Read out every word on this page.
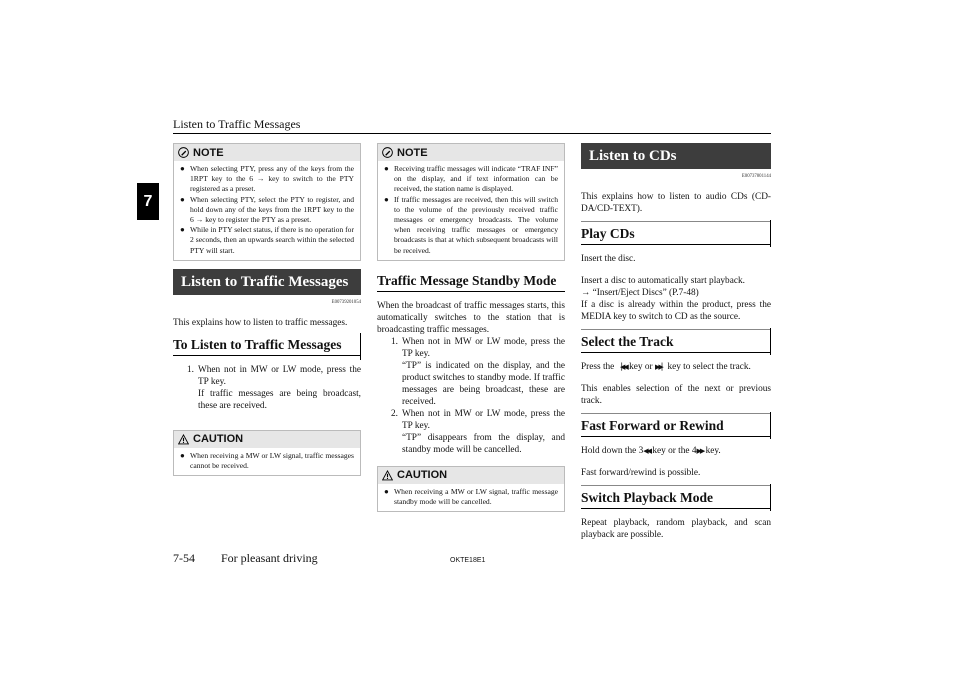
Listen to Traffic Messages
7
NOTE
● When selecting PTY, press any of the keys from the 1RPT key to the 6 → key to switch to the PTY registered as a preset.
● When selecting PTY, select the PTY to register, and hold down any of the keys from the 1RPT key to the 6 → key to register the PTY as a preset.
● While in PTY select status, if there is no operation for 2 seconds, then an upwards search within the selected PTY will start.
Listen to Traffic Messages
E00739201054

This explains how to listen to traffic messages.

To Listen to Traffic Messages
1. When not in MW or LW mode, press the TP key.
If traffic messages are being broadcast, these are received.
CAUTION
● When receiving a MW or LW signal, traffic messages cannot be received.
NOTE
● Receiving traffic messages will indicate “TRAF INF” on the display, and if text information can be received, the station name is displayed.
● If traffic messages are received, then this will switch to the volume of the previously received traffic messages or emergency broadcasts. The volume when receiving traffic messages or emergency broadcasts is that at which subsequent broadcasts will be received.
Traffic Message Standby Mode

When the broadcast of traffic messages starts, this automatically switches to the station that is broadcasting traffic messages.

1. When not in MW or LW mode, press the TP key.
“TP” is indicated on the display, and the product switches to standby mode. If traffic messages are being broadcast, these are received.
2. When not in MW or LW mode, press the TP key.
“TP” disappears from the display, and standby mode will be cancelled.
CAUTION
● When receiving a MW or LW signal, traffic message standby mode will be cancelled.
Listen to CDs
E00737801144

This explains how to listen to audio CDs (CD-DA/CD-TEXT).

Play CDs

Insert the disc.

Insert a disc to automatically start playback.

→ “Insert/Eject Discs” (P.7-48)

If a disc is already within the product, press the MEDIA key to switch to CD as the source.

Select the Track

Press the ▕◀◀ key or ▶▶▏ key to select the track.

This enables selection of the next or previous track.

Fast Forward or Rewind

Hold down the 3◀◀ key or the 4▶▶ key.

Fast forward/rewind is possible.

Switch Playback Mode

Repeat playback, random playback, and scan playback are possible.

7-54 For pleasant driving	OKTE18E1
